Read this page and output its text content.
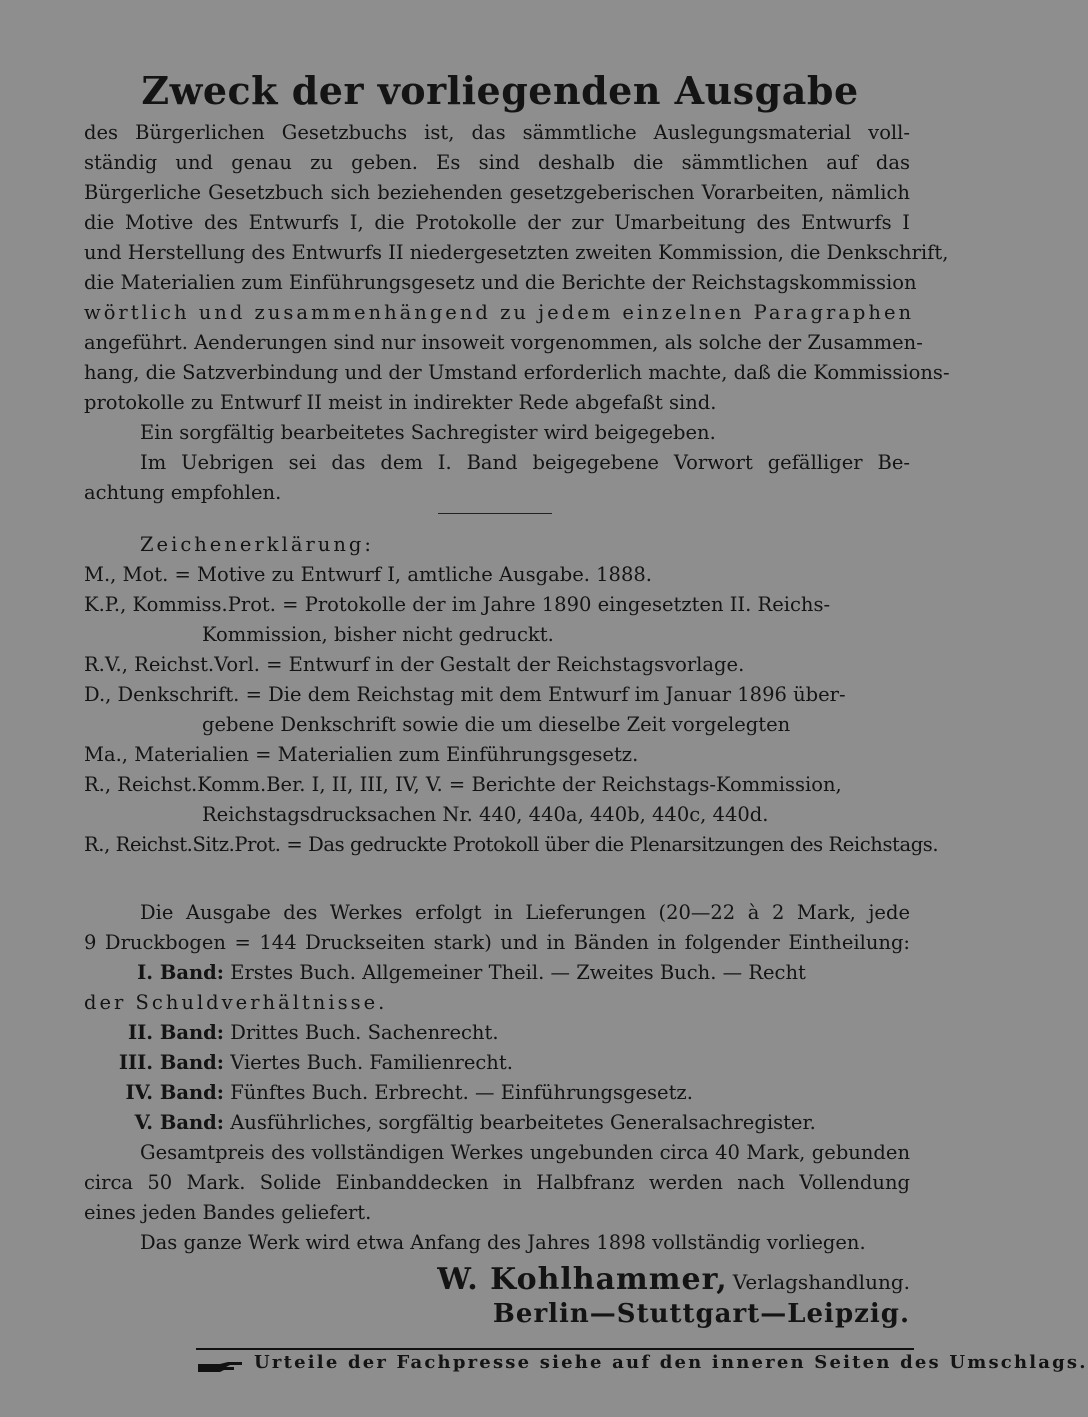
Zweck der vorliegenden Ausgabe
des Bürgerlichen Gesetzbuchs ist, das sämmtliche Auslegungsmaterial voll-
ständig und genau zu geben. Es sind deshalb die sämmtlichen auf das
Bürgerliche Gesetzbuch sich beziehenden gesetzgeberischen Vorarbeiten, nämlich
die Motive des Entwurfs I, die Protokolle der zur Umarbeitung des Entwurfs I
und Herstellung des Entwurfs II niedergesetzten zweiten Kommission, die Denkschrift,
die Materialien zum Einführungsgesetz und die Berichte der Reichstagskommission
wörtlich und zusammenhängend zu jedem einzelnen Paragraphen
angeführt. Aenderungen sind nur insoweit vorgenommen, als solche der Zusammen-
hang, die Satzverbindung und der Umstand erforderlich machte, daß die Kommissions-
protokolle zu Entwurf II meist in indirekter Rede abgefaßt sind.
Ein sorgfältig bearbeitetes Sachregister wird beigegeben.
Im Uebrigen sei das dem I. Band beigegebene Vorwort gefälliger Be-
achtung empfohlen.
Zeichenerklärung:
M., Mot. = Motive zu Entwurf I, amtliche Ausgabe. 1888.
K.P., Kommiss.Prot. = Protokolle der im Jahre 1890 eingesetzten II. Reichs-
Kommission, bisher nicht gedruckt.
R.V., Reichst.Vorl. = Entwurf in der Gestalt der Reichstagsvorlage.
D., Denkschrift. = Die dem Reichstag mit dem Entwurf im Januar 1896 über-
gebene Denkschrift sowie die um dieselbe Zeit vorgelegten
Ma., Materialien = Materialien zum Einführungsgesetz.
R., Reichst.Komm.Ber. I, II, III, IV, V. = Berichte der Reichstags-Kommission,
Reichstagsdrucksachen Nr. 440, 440a, 440b, 440c, 440d.
R., Reichst.Sitz.Prot. = Das gedruckte Protokoll über die Plenarsitzungen des Reichstags.
Die Ausgabe des Werkes erfolgt in Lieferungen (20—22 à 2 Mark, jede
9 Druckbogen = 144 Druckseiten stark) und in Bänden in folgender Eintheilung:
I. Band: Erstes Buch. Allgemeiner Theil. — Zweites Buch. — Recht
der Schuldverhältnisse.
II. Band: Drittes Buch. Sachenrecht.
III. Band: Viertes Buch. Familienrecht.
IV. Band: Fünftes Buch. Erbrecht. — Einführungsgesetz.
V. Band: Ausführliches, sorgfältig bearbeitetes Generalsachregister.
Gesamtpreis des vollständigen Werkes ungebunden circa 40 Mark, gebunden
circa 50 Mark. Solide Einbanddecken in Halbfranz werden nach Vollendung
eines jeden Bandes geliefert.
Das ganze Werk wird etwa Anfang des Jahres 1898 vollständig vorliegen.
W. Kohlhammer, Verlagshandlung.
Berlin—Stuttgart—Leipzig.
Urteile der Fachpresse siehe auf den inneren Seiten des Umschlags.
